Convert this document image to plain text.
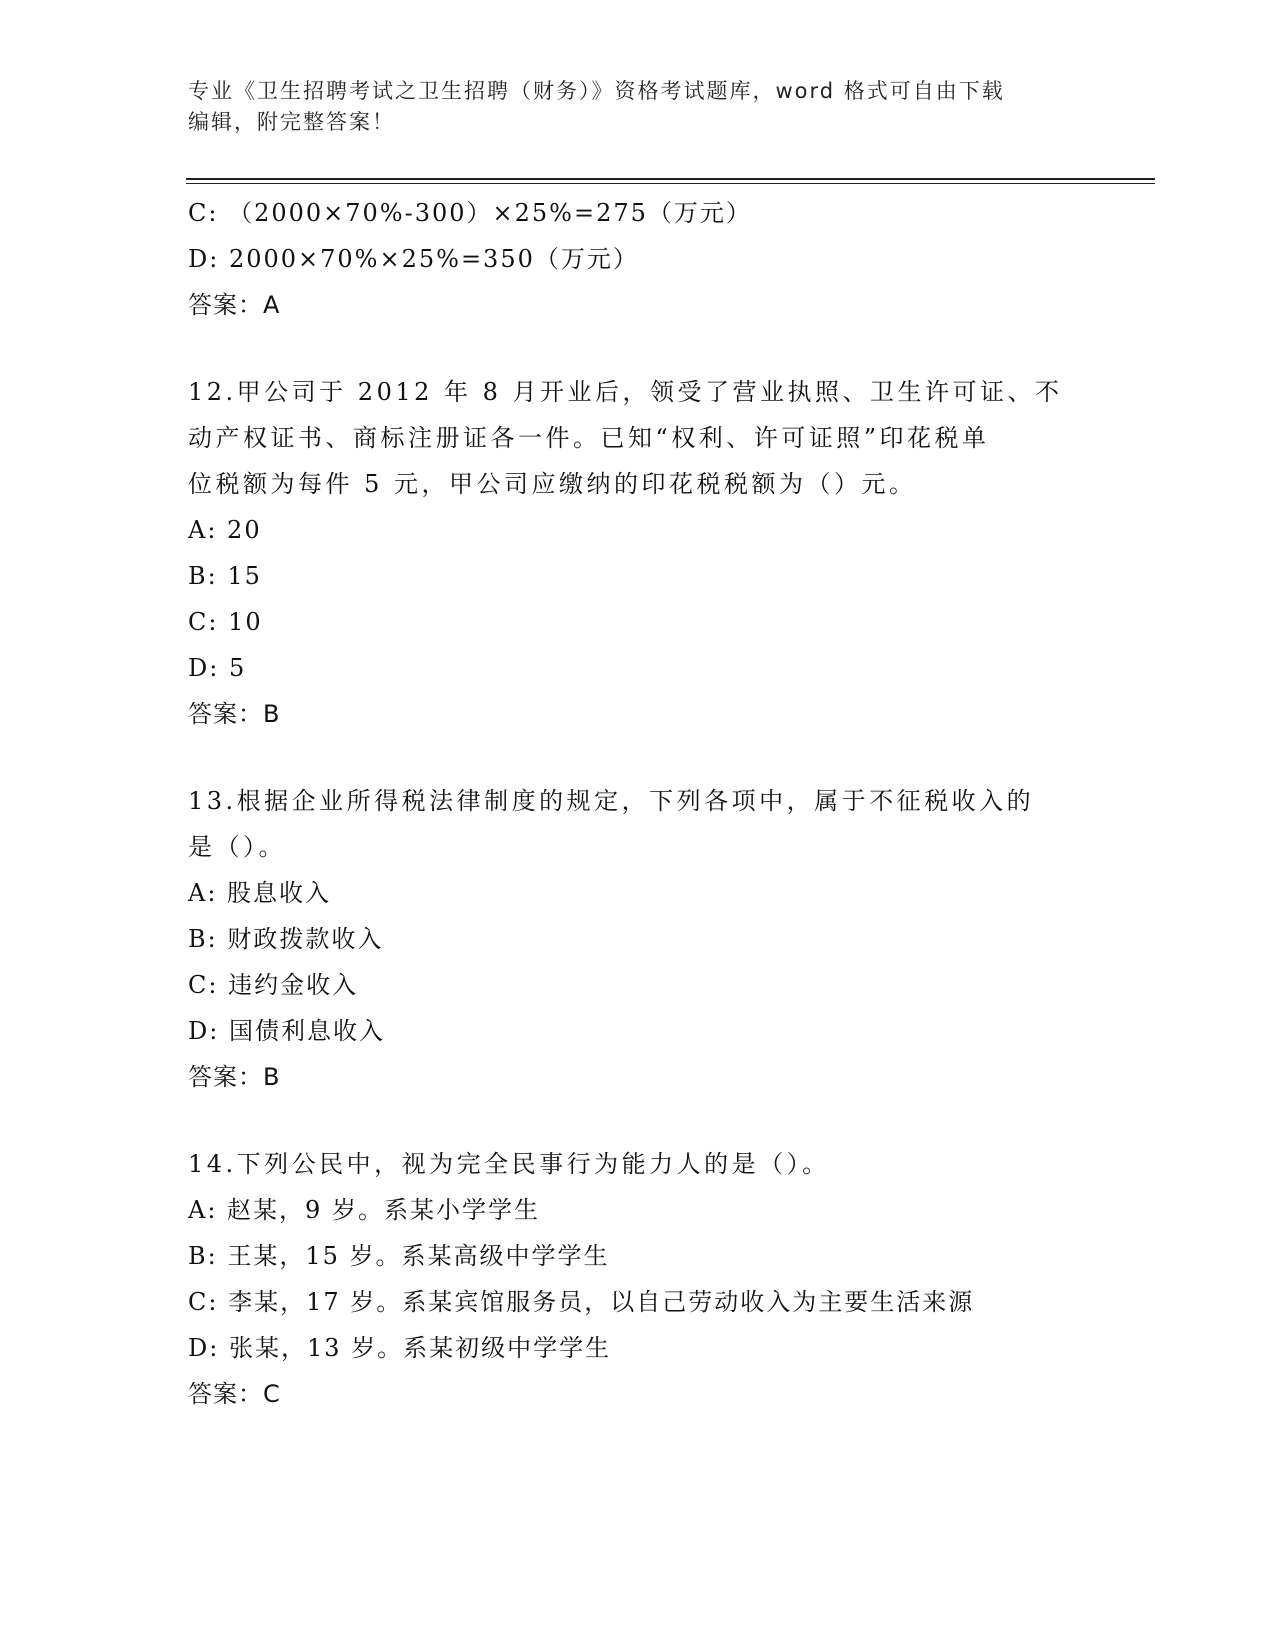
专业《卫生招聘考试之卫生招聘（财务）》资格考试题库，word 格式可自由下载
编辑，附完整答案！
C: （2000×70%-300）×25%=275（万元）
D: 2000×70%×25%=350（万元）
答案：A
12.甲公司于 2012 年 8 月开业后，领受了营业执照、卫生许可证、不
动产权证书、商标注册证各一件。已知“权利、许可证照”印花税单
位税额为每件 5 元，甲公司应缴纳的印花税税额为（）元。
A: 20
B: 15
C: 10
D: 5
答案：B
13.根据企业所得税法律制度的规定，下列各项中，属于不征税收入的
是（）。
A: 股息收入
B: 财政拨款收入
C: 违约金收入
D: 国债利息收入
答案：B
14.下列公民中，视为完全民事行为能力人的是（）。
A: 赵某，9 岁。系某小学学生
B: 王某，15 岁。系某高级中学学生
C: 李某，17 岁。系某宾馆服务员，以自己劳动收入为主要生活来源
D: 张某，13 岁。系某初级中学学生
答案：C
